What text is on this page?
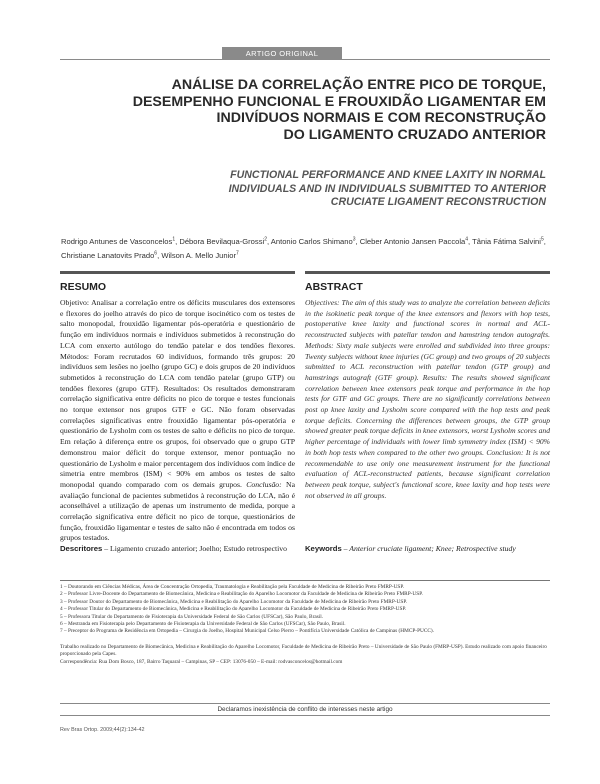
ARTIGO ORIGINAL
ANÁLISE DA CORRELAÇÃO ENTRE PICO DE TORQUE,
DESEMPENHO FUNCIONAL E FROUXIDÃO LIGAMENTAR EM
INDIVÍDUOS NORMAIS E COM RECONSTRUÇÃO
DO LIGAMENTO CRUZADO ANTERIOR
FUNCTIONAL PERFORMANCE AND KNEE LAXITY IN NORMAL
INDIVIDUALS AND IN INDIVIDUALS SUBMITTED TO ANTERIOR
CRUCIATE LIGAMENT RECONSTRUCTION
Rodrigo Antunes de Vasconcelos$^1$, Débora Bevilaqua-Grossi$^2$, Antonio Carlos Shimano$^3$, Cleber Antonio Jansen Paccola$^4$, Tânia Fátima Salvini$^5$, Christiane Lanatovits Prado$^6$, Wilson A. Mello Junior$^7$
RESUMO
Objetivo: Analisar a correlação entre os déficits musculares dos extensores e flexores do joelho através do pico de torque isocinético com os testes de salto monopodal, frouxidão ligamentar pós-operatória e questionário de função em indivíduos normais e indivíduos submetidos à reconstrução do LCA com enxerto autólogo do tendão patelar e dos tendões flexores. Métodos: Foram recrutados 60 indivíduos, formando três grupos: 20 indivíduos sem lesões no joelho (grupo GC) e dois grupos de 20 indivíduos submetidos à reconstrução do LCA com tendão patelar (grupo GTP) ou tendões flexores (grupo GTF). Resultados: Os resultados demonstraram correlação significativa entre déficits no pico de torque e testes funcionais no torque extensor nos grupos GTF e GC. Não foram observadas correlações significativas entre frouxidão ligamentar pós-operatória e questionário de Lysholm com os testes de salto e déficits no pico de torque. Em relação à diferença entre os grupos, foi observado que o grupo GTP demonstrou maior déficit do torque extensor, menor pontuação no questionário de Lysholm e maior percentagem dos indivíduos com índice de simetria entre membros (ISM) < 90% em ambos os testes de salto monopodal quando comparado com os demais grupos. Conclusão: Na avaliação funcional de pacientes submetidos à reconstrução do LCA, não é aconselhável a utilização de apenas um instrumento de medida, porque a correlação significativa entre déficit no pico de torque, questionários de função, frouxidão ligamentar e testes de salto não é encontrada em todos os grupos testados.
Descritores – Ligamento cruzado anterior; Joelho; Estudo retrospectivo
ABSTRACT
Objectives: The aim of this study was to analyze the correlation between deficits in the isokinetic peak torque of the knee extensors and flexors with hop tests, postoperative knee laxity and functional scores in normal and ACL- reconstructed subjects with patellar tendon and hamstring tendon autografts. Methods: Sixty male subjects were enrolled and subdivided into three groups: Twenty subjects without knee injuries (GC group) and two groups of 20 subjects submitted to ACL reconstruction with patellar tendon (GTP group) and hamstrings autograft (GTF group). Results: The results showed significant correlation between knee extensors peak torque and performance in the hop tests for GTF and GC groups. There are no significantly correlations between post op knee laxity and Lysholm score compared with the hop tests and peak torque deficits. Concerning the differences between groups, the GTP group showed greater peak torque deficits in knee extensors, worst Lysholm scores and higher percentage of individuals with lower limb symmetry index (ISM) < 90% in both hop tests when compared to the other two groups. Conclusion: It is not recommendable to use only one measurement instrument for the functional evaluation of ACL-reconstructed patients, because significant correlation between peak torque, subject's functional score, knee laxity and hop tests were not observed in all groups.
Keywords – Anterior cruciate ligament; Knee; Retrospective study
1 – Doutorando em Ciências Médicas, Área de Concentração Ortopedia, Traumatologia e Reabilitação pela Faculdade de Medicina de Ribeirão Preto FMRP-USP.
2 – Professor Livre-Docente do Departamento de Biomecânica, Medicina e Reabilitação do Aparelho Locomotor da Faculdade de Medicina de Ribeirão Preto FMRP-USP.
3 – Professor Doutor do Departamento de Biomecânica, Medicina e Reabilitação do Aparelho Locomotor da Faculdade de Medicina de Ribeirão Preto FMRP-USP.
4 – Professor Titular do Departamento de Biomecânica, Medicina e Reabilitação do Aparelho Locomotor da Faculdade de Medicina de Ribeirão Preto FMRP-USP.
5 – Professora Titular do Departamento de Fisioterapia da Universidade Federal de São Carlos (UFSCar), São Paulo, Brasil.
6 – Mestranda em Fisioterapia pelo Departamento de Fisioterapia da Universidade Federal de São Carlos (UFSCar), São Paulo, Brasil.
7 – Preceptor do Programa de Residência em Ortopedia – Cirurgia do Joelho, Hospital Municipal Celso Pierro – Pontifícia Universidade Católica de Campinas (HMCP-PUCC).
Trabalho realizado no Departamento de Biomecânica, Medicina e Reabilitação do Aparelho Locomotor, Faculdade de Medicina de Ribeirão Preto – Universidade de São Paulo (FMRP-USP). Estudo realizado com apoio financeiro proporcionado pela Capes.
Correspondência: Rua Dom Bosco, 187, Bairro Taquaral – Campinas, SP – CEP: 13076-050 – E-mail: rodvasconcelos@hotmail.com
Declaramos inexistência de conflito de interesses neste artigo
Rev Bras Ortop. 2009;44(2):134-42
